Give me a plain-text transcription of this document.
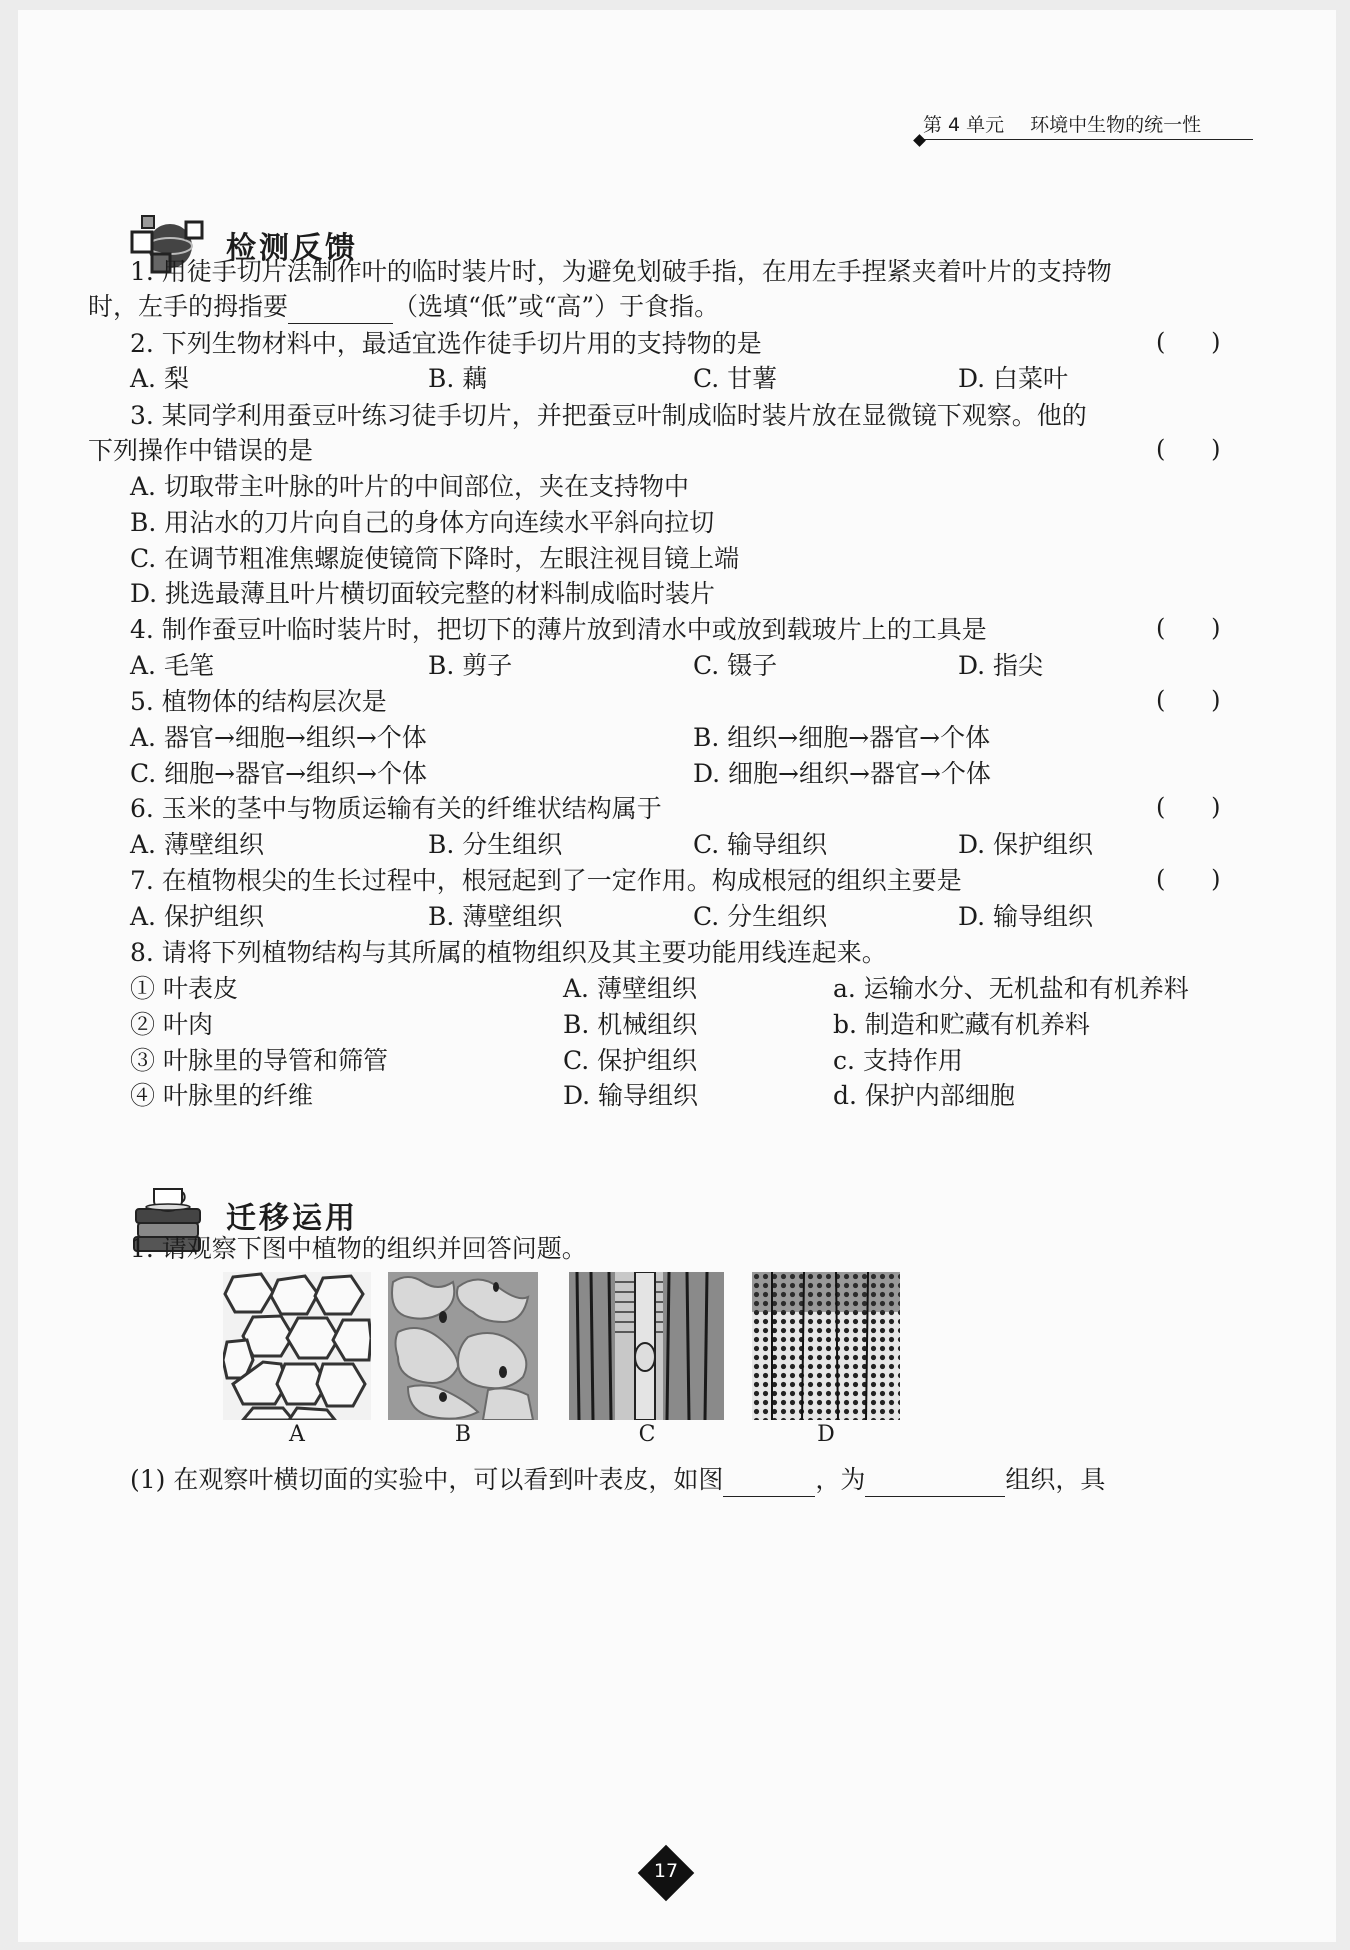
第 4 单元 环境中生物的统一性
检测反馈
1. 用徒手切片法制作叶的临时装片时，为避免划破手指，在用左手捏紧夹着叶片的支持物
时，左手的拇指要	（选填“低”或“高”）于食指。
2. 下列生物材料中，最适宜选作徒手切片用的支持物的是	(      )
A. 梨	B. 藕	C. 甘薯	D. 白菜叶
3. 某同学利用蚕豆叶练习徒手切片，并把蚕豆叶制成临时装片放在显微镜下观察。他的
下列操作中错误的是	(      )
A. 切取带主叶脉的叶片的中间部位，夹在支持物中
B. 用沾水的刀片向自己的身体方向连续水平斜向拉切
C. 在调节粗准焦螺旋使镜筒下降时，左眼注视目镜上端
D. 挑选最薄且叶片横切面较完整的材料制成临时装片
4. 制作蚕豆叶临时装片时，把切下的薄片放到清水中或放到载玻片上的工具是	(      )
A. 毛笔	B. 剪子	C. 镊子	D. 指尖
5. 植物体的结构层次是	(      )
A. 器官→细胞→组织→个体	B. 组织→细胞→器官→个体
C. 细胞→器官→组织→个体	D. 细胞→组织→器官→个体
6. 玉米的茎中与物质运输有关的纤维状结构属于	(      )
A. 薄壁组织	B. 分生组织	C. 输导组织	D. 保护组织
7. 在植物根尖的生长过程中，根冠起到了一定作用。构成根冠的组织主要是	(      )
A. 保护组织	B. 薄壁组织	C. 分生组织	D. 输导组织
8. 请将下列植物结构与其所属的植物组织及其主要功能用线连起来。
① 叶表皮	A. 薄壁组织	a. 运输水分、无机盐和有机养料
② 叶肉	B. 机械组织	b. 制造和贮藏有机养料
③ 叶脉里的导管和筛管	C. 保护组织	c. 支持作用
④ 叶脉里的纤维	D. 输导组织	d. 保护内部细胞
迁移运用
1. 请观察下图中植物的组织并回答问题。
A	B	C	D
(1) 在观察叶横切面的实验中，可以看到叶表皮，如图	，为	组织，具
17
